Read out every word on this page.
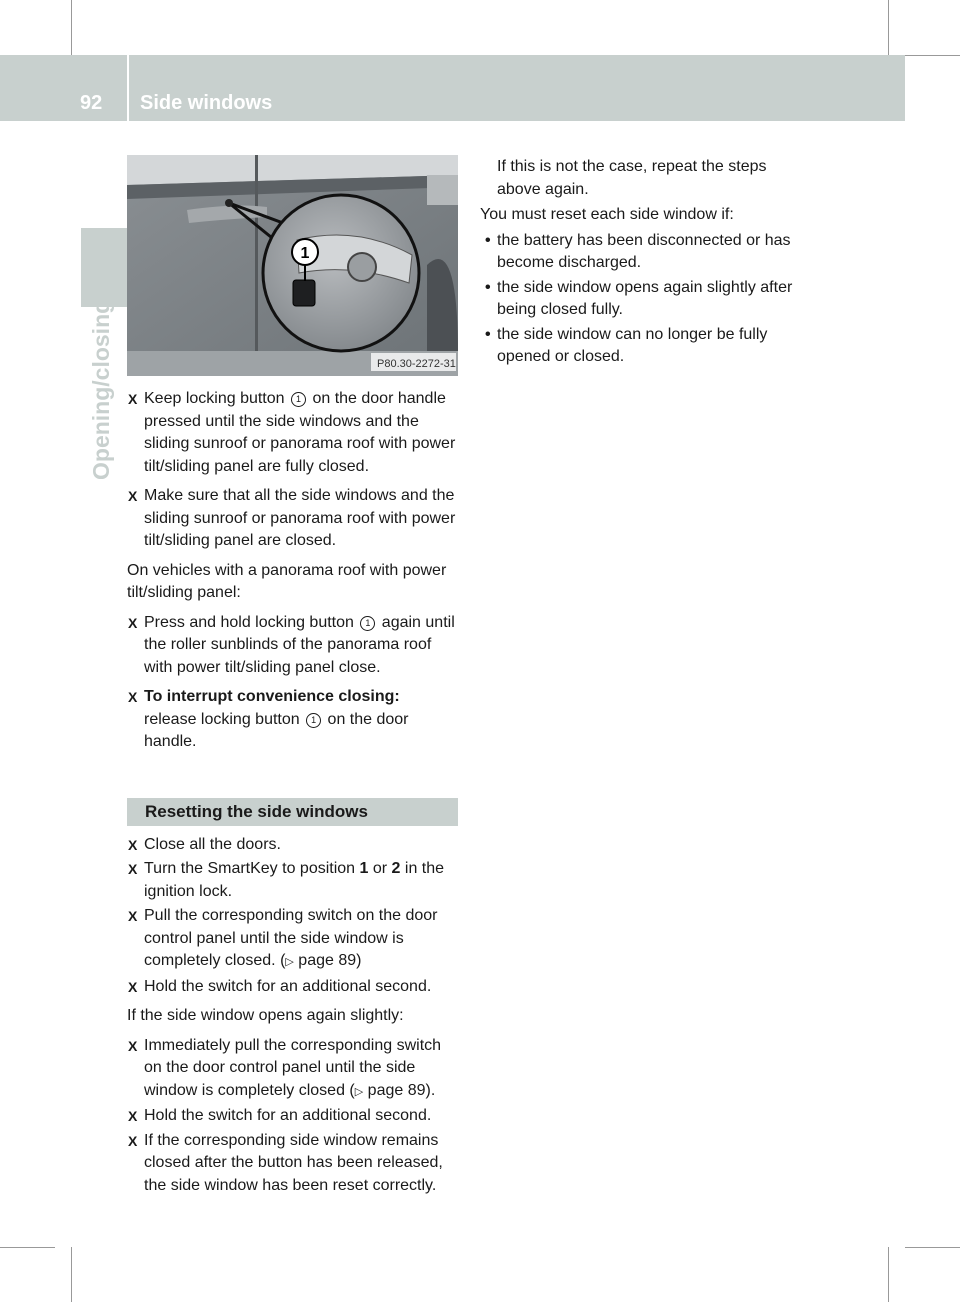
92 Side windows
Opening/closing
1
P80.30-2272-31
X Keep locking button 1 on the door handle pressed until the side windows and the sliding sunroof or panorama roof with power tilt/sliding panel are fully closed.
X Make sure that all the side windows and the sliding sunroof or panorama roof with power tilt/sliding panel are closed.
On vehicles with a panorama roof with power tilt/sliding panel:
X Press and hold locking button 1 again until the roller sunblinds of the panorama roof with power tilt/sliding panel close.
X To interrupt convenience closing:
release locking button 1 on the door handle.
Resetting the side windows
X Close all the doors.
X Turn the SmartKey to position 1 or 2 in the ignition lock.
X Pull the corresponding switch on the door control panel until the side window is completely closed. (▷ page 89)
X Hold the switch for an additional second.
If the side window opens again slightly:
X Immediately pull the corresponding switch on the door control panel until the side window is completely closed (▷ page 89).
X Hold the switch for an additional second.
X If the corresponding side window remains closed after the button has been released, the side window has been reset correctly.
If this is not the case, repeat the steps above again.
You must reset each side window if:
• the battery has been disconnected or has become discharged.
• the side window opens again slightly after being closed fully.
• the side window can no longer be fully opened or closed.
